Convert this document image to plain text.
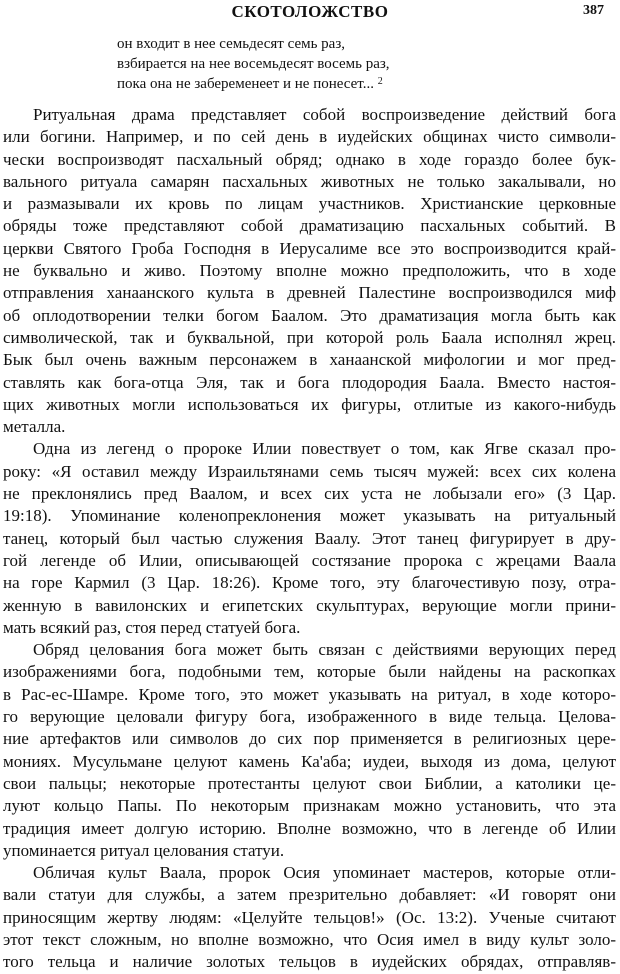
СКОТОЛОЖСТВО	387
он входит в нее семьдесят семь раз,
взбирается на нее восемьдесят восемь раз,
пока она не забеременеет и не понесет... $^2$
Ритуальная драма представляет собой воспроизведение действий бога
или богини. Например, и по сей день в иудейских общинах чисто символи-
чески воспроизводят пасхальный обряд; однако в ходе гораздо более бук-
вального ритуала самарян пасхальных животных не только закалывали, но
и размазывали их кровь по лицам участников. Христианские церковные
обряды тоже представляют собой драматизацию пасхальных событий. В
церкви Святого Гроба Господня в Иерусалиме все это воспроизводится край-
не буквально и живо. Поэтому вполне можно предположить, что в ходе
отправления ханаанского культа в древней Палестине воспроизводился миф
об оплодотворении телки богом Баалом. Это драматизация могла быть как
символической, так и буквальной, при которой роль Баала исполнял жрец.
Бык был очень важным персонажем в ханаанской мифологии и мог пред-
ставлять как бога-отца Эля, так и бога плодородия Баала. Вместо настоя-
щих животных могли использоваться их фигуры, отлитые из какого-нибудь
металла.
Одна из легенд о пророке Илии повествует о том, как Ягве сказал про-
року: «Я оставил между Израильтянами семь тысяч мужей: всех сих колена
не преклонялись пред Ваалом, и всех сих уста не лобызали его» (3 Цар.
19:18). Упоминание коленопреклонения может указывать на ритуальный
танец, который был частью служения Ваалу. Этот танец фигурирует в дру-
гой легенде об Илии, описывающей состязание пророка с жрецами Ваала
на горе Кармил (3 Цар. 18:26). Кроме того, эту благочестивую позу, отра-
женную в вавилонских и египетских скульптурах, верующие могли прини-
мать всякий раз, стоя перед статуей бога.
Обряд целования бога может быть связан с действиями верующих перед
изображениями бога, подобными тем, которые были найдены на раскопках
в Рас-ес-Шамре. Кроме того, это может указывать на ритуал, в ходе которо-
го верующие целовали фигуру бога, изображенного в виде тельца. Целова-
ние артефактов или символов до сих пор применяется в религиозных цере-
мониях. Мусульмане целуют камень Ка'аба; иудеи, выходя из дома, целуют
свои пальцы; некоторые протестанты целуют свои Библии, а католики це-
луют кольцо Папы. По некоторым признакам можно установить, что эта
традиция имеет долгую историю. Вполне возможно, что в легенде об Илии
упоминается ритуал целования статуи.
Обличая культ Ваала, пророк Осия упоминает мастеров, которые отли-
вали статуи для службы, а затем презрительно добавляет: «И говорят они
приносящим жертву людям: «Целуйте тельцов!» (Ос. 13:2). Ученые считают
этот текст сложным, но вполне возможно, что Осия имел в виду культ золо-
того тельца и наличие золотых тельцов в иудейских обрядах, отправляв-
